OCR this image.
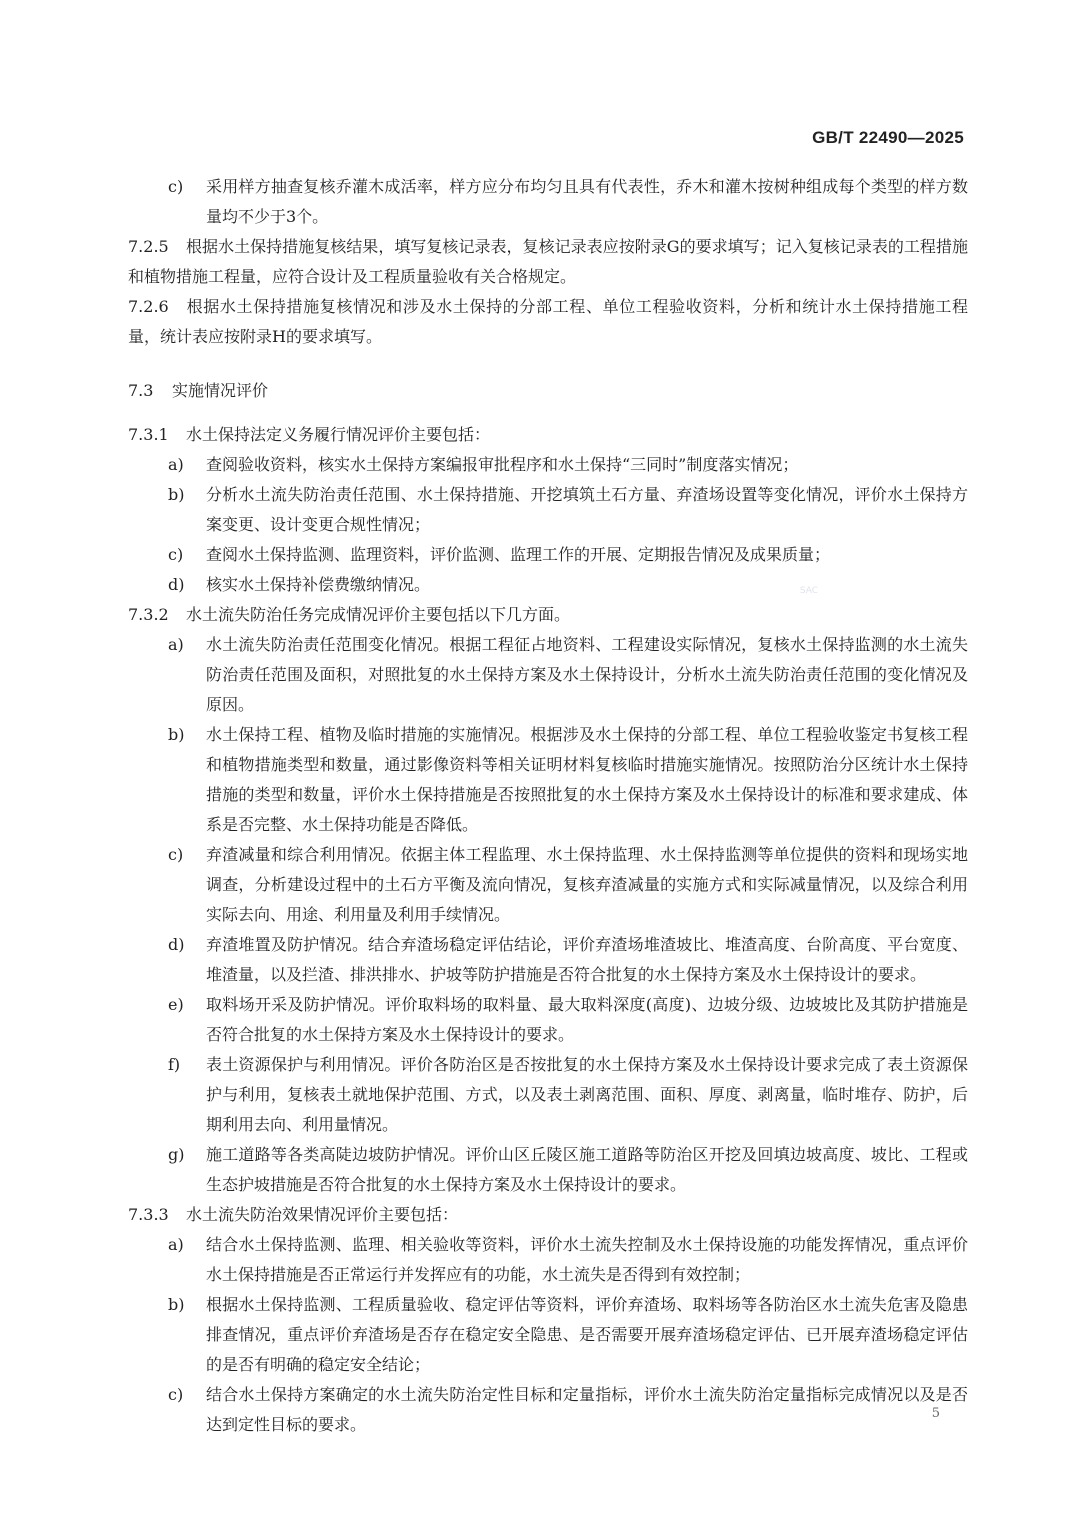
GB/T 22490—2025

c)	采用样方抽查复核乔灌木成活率，样方应分布均匀且具有代表性，乔木和灌木按树种组成每个类型的样方数量均不少于3个。

7.2.5 根据水土保持措施复核结果，填写复核记录表，复核记录表应按附录G的要求填写；记入复核记录表的工程措施和植物措施工程量，应符合设计及工程质量验收有关合格规定。

7.2.6 根据水土保持措施复核情况和涉及水土保持的分部工程、单位工程验收资料，分析和统计水土保持措施工程量，统计表应按附录H的要求填写。

7.3 实施情况评价

7.3.1 水土保持法定义务履行情况评价主要包括：

a)	查阅验收资料，核实水土保持方案编报审批程序和水土保持“三同时”制度落实情况；

b)	分析水土流失防治责任范围、水土保持措施、开挖填筑土石方量、弃渣场设置等变化情况，评价水土保持方案变更、设计变更合规性情况；

c)	查阅水土保持监测、监理资料，评价监测、监理工作的开展、定期报告情况及成果质量；

d)	核实水土保持补偿费缴纳情况。

7.3.2 水土流失防治任务完成情况评价主要包括以下几方面。

a)	水土流失防治责任范围变化情况。根据工程征占地资料、工程建设实际情况，复核水土保持监测的水土流失防治责任范围及面积，对照批复的水土保持方案及水土保持设计，分析水土流失防治责任范围的变化情况及原因。

b)	水土保持工程、植物及临时措施的实施情况。根据涉及水土保持的分部工程、单位工程验收鉴定书复核工程和植物措施类型和数量，通过影像资料等相关证明材料复核临时措施实施情况。按照防治分区统计水土保持措施的类型和数量，评价水土保持措施是否按照批复的水土保持方案及水土保持设计的标准和要求建成、体系是否完整、水土保持功能是否降低。

c)	弃渣减量和综合利用情况。依据主体工程监理、水土保持监理、水土保持监测等单位提供的资料和现场实地调查，分析建设过程中的土石方平衡及流向情况，复核弃渣减量的实施方式和实际减量情况，以及综合利用实际去向、用途、利用量及利用手续情况。

d)	弃渣堆置及防护情况。结合弃渣场稳定评估结论，评价弃渣场堆渣坡比、堆渣高度、台阶高度、平台宽度、堆渣量，以及拦渣、排洪排水、护坡等防护措施是否符合批复的水土保持方案及水土保持设计的要求。

e)	取料场开采及防护情况。评价取料场的取料量、最大取料深度(高度)、边坡分级、边坡坡比及其防护措施是否符合批复的水土保持方案及水土保持设计的要求。

f)	表土资源保护与利用情况。评价各防治区是否按批复的水土保持方案及水土保持设计要求完成了表土资源保护与利用，复核表土就地保护范围、方式，以及表土剥离范围、面积、厚度、剥离量，临时堆存、防护，后期利用去向、利用量情况。

g)	施工道路等各类高陡边坡防护情况。评价山区丘陵区施工道路等防治区开挖及回填边坡高度、坡比、工程或生态护坡措施是否符合批复的水土保持方案及水土保持设计的要求。

7.3.3 水土流失防治效果情况评价主要包括：

a)	结合水土保持监测、监理、相关验收等资料，评价水土流失控制及水土保持设施的功能发挥情况，重点评价水土保持措施是否正常运行并发挥应有的功能，水土流失是否得到有效控制；

b)	根据水土保持监测、工程质量验收、稳定评估等资料，评价弃渣场、取料场等各防治区水土流失危害及隐患排查情况，重点评价弃渣场是否存在稳定安全隐患、是否需要开展弃渣场稳定评估、已开展弃渣场稳定评估的是否有明确的稳定安全结论；

c)	结合水土保持方案确定的水土流失防治定性目标和定量指标，评价水土流失防治定量指标完成情况以及是否达到定性目标的要求。

SAC
5
